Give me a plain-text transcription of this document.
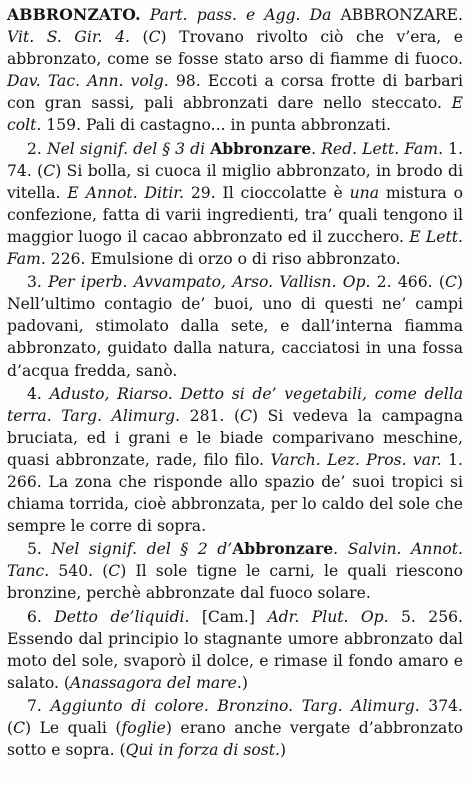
ABBRONZATO. Part. pass. e Agg. Da ABBRONZARE. Vit. S. Gir. 4. (C) Trovano rivolto ciò che v’era, e abbronzato, come se fosse stato arso di fiamme di fuoco. Dav. Tac. Ann. volg. 98. Eccoti a corsa frotte di barbari con gran sassi, pali abbronzati dare nello steccato. E colt. 159. Pali di castagno... in punta abbronzati.

2. Nel signif. del § 3 di Abbronzare. Red. Lett. Fam. 1. 74. (C) Si bolla, si cuoca il miglio abbronzato, in brodo di vitella. E Annot. Ditir. 29. Il cioccolatte è una mistura o confezione, fatta di varii ingredienti, tra’ quali tengono il maggior luogo il cacao abbronzato ed il zucchero. E Lett. Fam. 226. Emulsione di orzo o di riso abbronzato.

3. Per iperb. Avvampato, Arso. Vallisn. Op. 2. 466. (C) Nell’ultimo contagio de’ buoi, uno di questi ne’ campi padovani, stimolato dalla sete, e dall’interna fiamma abbronzato, guidato dalla natura, cacciatosi in una fossa d’acqua fredda, sanò.

4. Adusto, Riarso. Detto si de’ vegetabili, come della terra. Targ. Alimurg. 281. (C) Si vedeva la campagna bruciata, ed i grani e le biade comparivano meschine, quasi abbronzate, rade, filo filo. Varch. Lez. Pros. var. 1. 266. La zona che risponde allo spazio de’ suoi tropici si chiama torrida, cioè abbronzata, per lo caldo del sole che sempre le corre di sopra.

5. Nel signif. del § 2 d’Abbronzare. Salvin. Annot. Tanc. 540. (C) Il sole tigne le carni, le quali riescono bronzine, perchè abbronzate dal fuoco solare.

6. Detto de’liquidi. [Cam.] Adr. Plut. Op. 5. 256. Essendo dal principio lo stagnante umore abbronzato dal moto del sole, svaporò il dolce, e rimase il fondo amaro e salato. (Anassagora del mare.)

7. Aggiunto di colore. Bronzino. Targ. Alimurg. 374. (C) Le quali (foglie) erano anche vergate d’abbronzato sotto e sopra. (Qui in forza di sost.)
